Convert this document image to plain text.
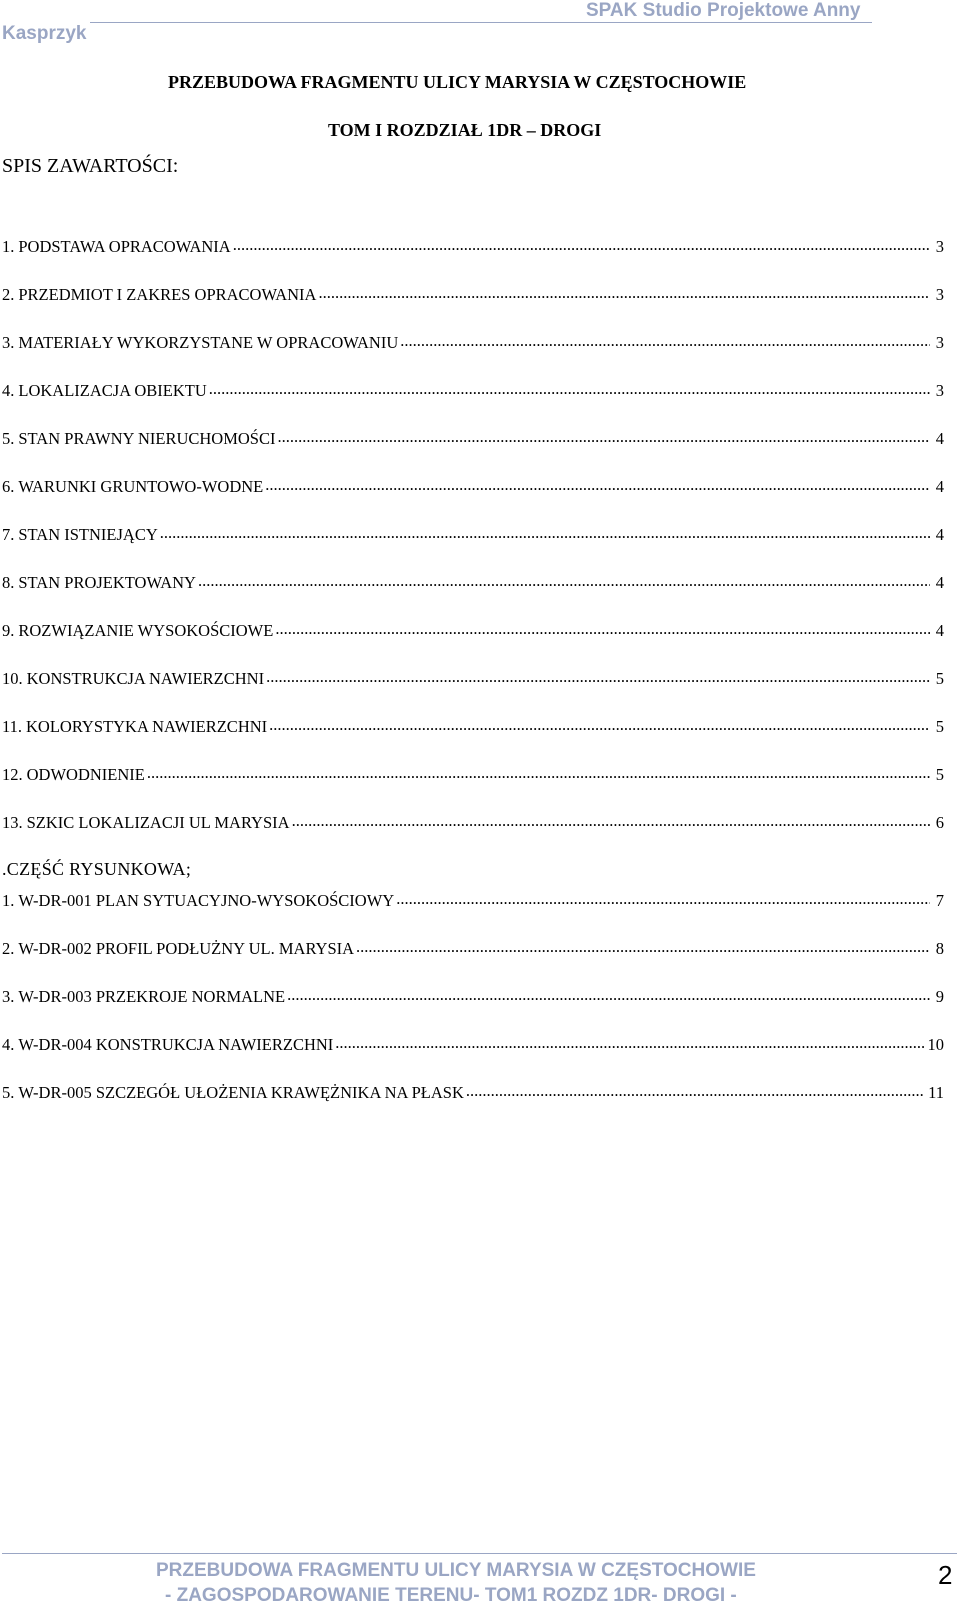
SPAK Studio Projektowe Anny
Kasprzyk
PRZEBUDOWA FRAGMENTU ULICY MARYSIA W CZĘSTOCHOWIE
TOM I ROZDZIAŁ 1DR – DROGI
SPIS ZAWARTOŚCI:
1. PODSTAWA OPRACOWANIA .....	3
2. PRZEDMIOT I ZAKRES OPRACOWANIA .....	3
3. MATERIAŁY WYKORZYSTANE W OPRACOWANIU .....	3
4. LOKALIZACJA OBIEKTU .....	3
5. STAN PRAWNY NIERUCHOMOŚCI .....	4
6. WARUNKI GRUNTOWO-WODNE .....	4
7. STAN ISTNIEJĄCY .....	4
8. STAN PROJEKTOWANY .....	4
9. ROZWIĄZANIE WYSOKOŚCIOWE .....	4
10. KONSTRUKCJA NAWIERZCHNI .....	5
11. KOLORYSTYKA NAWIERZCHNI .....	5
12. ODWODNIENIE .....	5
13. SZKIC LOKALIZACJI UL MARYSIA .....	6
.CZĘŚĆ RYSUNKOWA;
1. W-DR-001 PLAN SYTUACYJNO-WYSOKOŚCIOWY .....	7
2. W-DR-002 PROFIL PODŁUŻNY UL. MARYSIA .....	8
3. W-DR-003 PRZEKROJE NORMALNE .....	9
4. W-DR-004 KONSTRUKCJA NAWIERZCHNI .....	10
5. W-DR-005 SZCZEGÓŁ UŁOŻENIA KRAWĘŻNIKA NA PŁASK .....	11
PRZEBUDOWA FRAGMENTU ULICY MARYSIA W CZĘSTOCHOWIE
- ZAGOSPODAROWANIE TERENU- TOM1 ROZDZ 1DR- DROGI -
2
